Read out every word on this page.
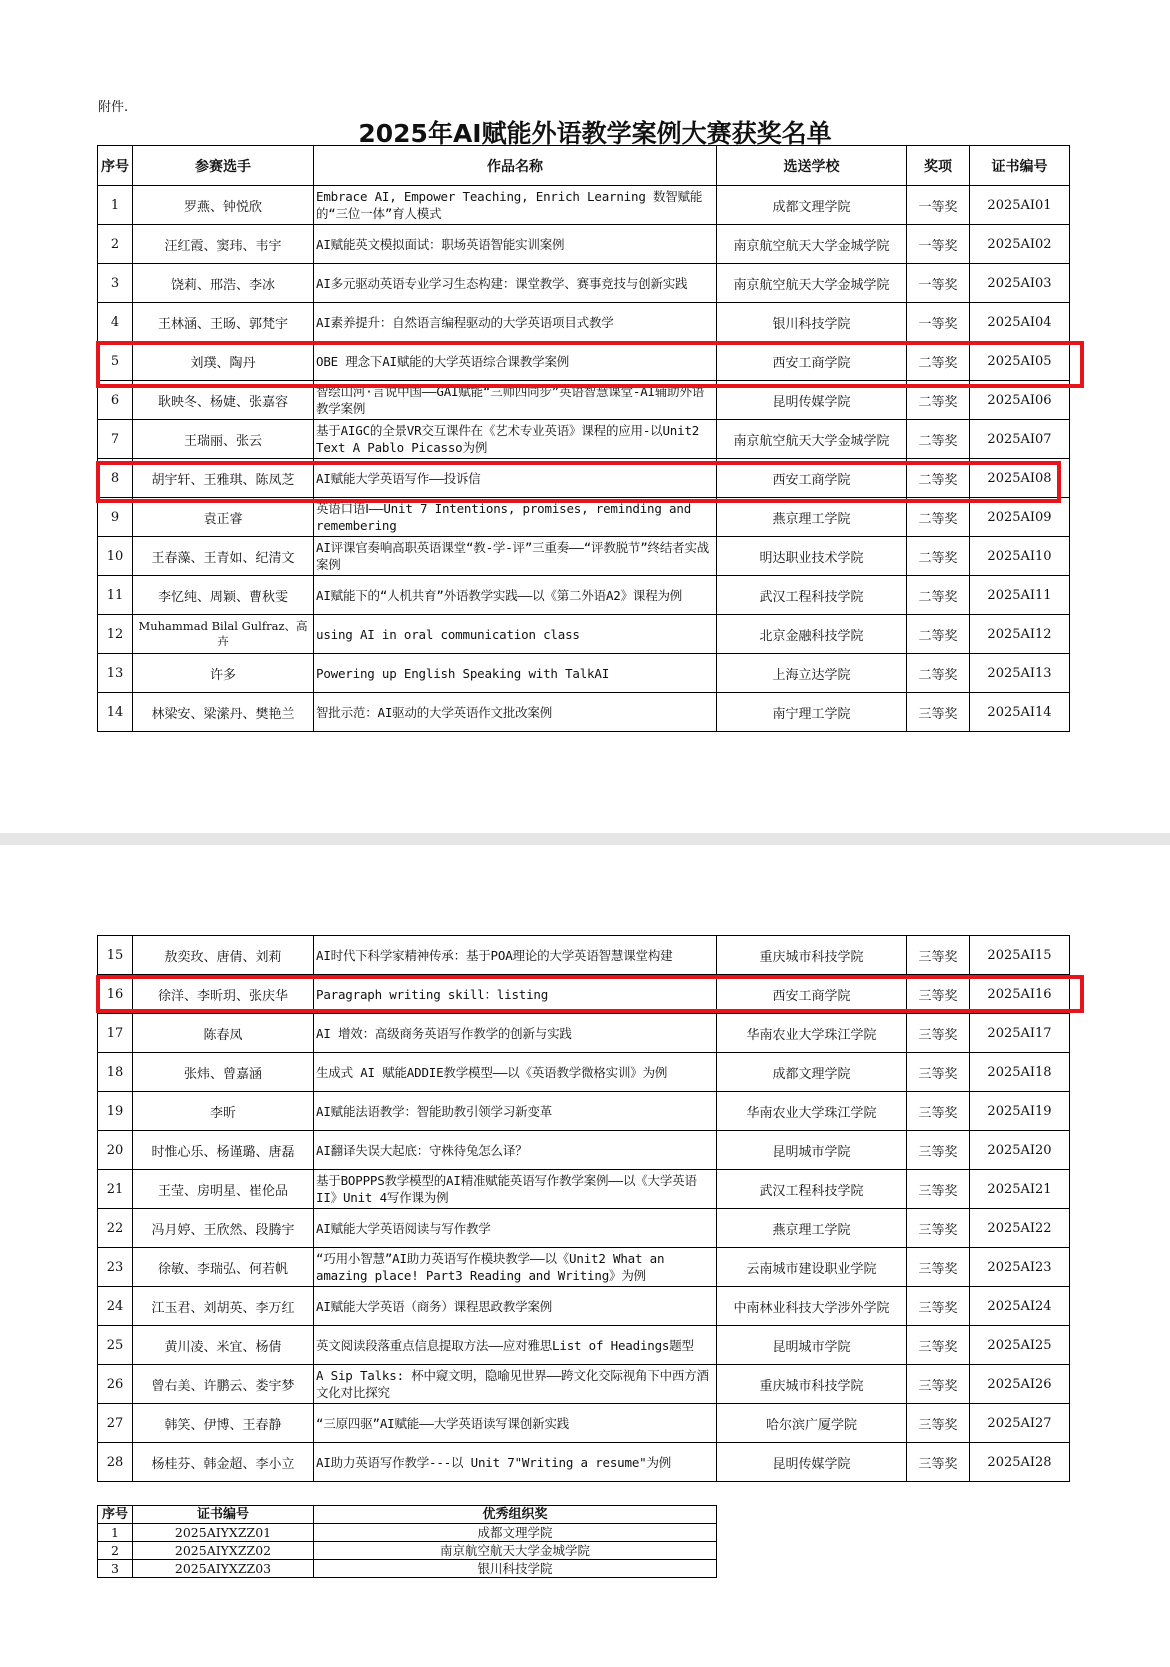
附件.
2025年AI赋能外语教学案例大赛获奖名单
序号	参赛选手	作品名称	选送学校	奖项	证书编号
1	罗燕、钟悦欣	Embrace AI, Empower Teaching, Enrich Learning 数智赋能的“三位一体”育人模式	成都文理学院	一等奖	2025AI01
2	汪红霞、窦玮、韦宇	AI赋能英文模拟面试：职场英语智能实训案例	南京航空航天大学金城学院	一等奖	2025AI02
3	饶莉、邢浩、李冰	AI多元驱动英语专业学习生态构建：课堂教学、赛事竞技与创新实践	南京航空航天大学金城学院	一等奖	2025AI03
4	王林涵、王旸、郭梵宇	AI素养提升：自然语言编程驱动的大学英语项目式教学	银川科技学院	一等奖	2025AI04
5	刘璞、陶丹	OBE 理念下AI赋能的大学英语综合课教学案例	西安工商学院	二等奖	2025AI05
6	耿映冬、杨婕、张嘉容	智绘山河·言说中国——GAI赋能“三师四同步”英语智慧课堂-AI辅助外语教学案例	昆明传媒学院	二等奖	2025AI06
7	王瑞丽、张云	基于AIGC的全景VR交互课件在《艺术专业英语》课程的应用-以Unit2 Text A Pablo Picasso为例	南京航空航天大学金城学院	二等奖	2025AI07
8	胡宇轩、王雅琪、陈凤芝	AI赋能大学英语写作——投诉信	西安工商学院	二等奖	2025AI08
9	袁正睿	英语口语Ⅰ——Unit 7 Intentions, promises, reminding and remembering	燕京理工学院	二等奖	2025AI09
10	王春藻、王青如、纪清文	AI评课官奏响高职英语课堂“教-学-评”三重奏——“评教脱节”终结者实战案例	明达职业技术学院	二等奖	2025AI10
11	李忆纯、周颖、曹秋雯	AI赋能下的“人机共育”外语教学实践——以《第二外语A2》课程为例	武汉工程科技学院	二等奖	2025AI11
12	Muhammad Bilal Gulfraz、高卉	using AI in oral communication class	北京金融科技学院	二等奖	2025AI12
13	许多	Powering up English Speaking with TalkAI	上海立达学院	二等奖	2025AI13
14	林梁安、梁潆丹、樊艳兰	智批示范：AI驱动的大学英语作文批改案例	南宁理工学院	三等奖	2025AI14
15	敖奕玫、唐倩、刘莉	AI时代下科学家精神传承：基于POA理论的大学英语智慧课堂构建	重庆城市科技学院	三等奖	2025AI15
16	徐洋、李昕玥、张庆华	Paragraph writing skill：listing	西安工商学院	三等奖	2025AI16
17	陈春凤	AI 增效：高级商务英语写作教学的创新与实践	华南农业大学珠江学院	三等奖	2025AI17
18	张炜、曾嘉涵	生成式 AI 赋能ADDIE教学模型——以《英语教学微格实训》为例	成都文理学院	三等奖	2025AI18
19	李昕	AI赋能法语教学：智能助教引领学习新变革	华南农业大学珠江学院	三等奖	2025AI19
20	时惟心乐、杨谨璐、唐磊	AI翻译失误大起底：守株待兔怎么译？	昆明城市学院	三等奖	2025AI20
21	王莹、房明星、崔伦品	基于BOPPPS教学模型的AI精准赋能英语写作教学案例——以《大学英语II》Unit 4写作课为例	武汉工程科技学院	三等奖	2025AI21
22	冯月婷、王欣然、段腾宇	AI赋能大学英语阅读与写作教学	燕京理工学院	三等奖	2025AI22
23	徐敏、李瑞弘、何若帆	“巧用小智慧”AI助力英语写作模块教学——以《Unit2 What an amazing place! Part3 Reading and Writing》为例	云南城市建设职业学院	三等奖	2025AI23
24	江玉君、刘胡英、李万红	AI赋能大学英语（商务）课程思政教学案例	中南林业科技大学涉外学院	三等奖	2025AI24
25	黄川凌、米宜、杨倩	英文阅读段落重点信息提取方法——应对雅思List of Headings题型	昆明城市学院	三等奖	2025AI25
26	曾右美、许鹏云、娄宇梦	A Sip Talks: 杯中窥文明，隐喻见世界——跨文化交际视角下中西方酒文化对比探究	重庆城市科技学院	三等奖	2025AI26
27	韩笑、伊博、王春静	“三原四驱”AI赋能——大学英语读写课创新实践	哈尔滨广厦学院	三等奖	2025AI27
28	杨桂芬、韩金超、李小立	AI助力英语写作教学---以 Unit 7"Writing a resume"为例	昆明传媒学院	三等奖	2025AI28
序号	证书编号	优秀组织奖
1	2025AIYXZZ01	成都文理学院
2	2025AIYXZZ02	南京航空航天大学金城学院
3	2025AIYXZZ03	银川科技学院
